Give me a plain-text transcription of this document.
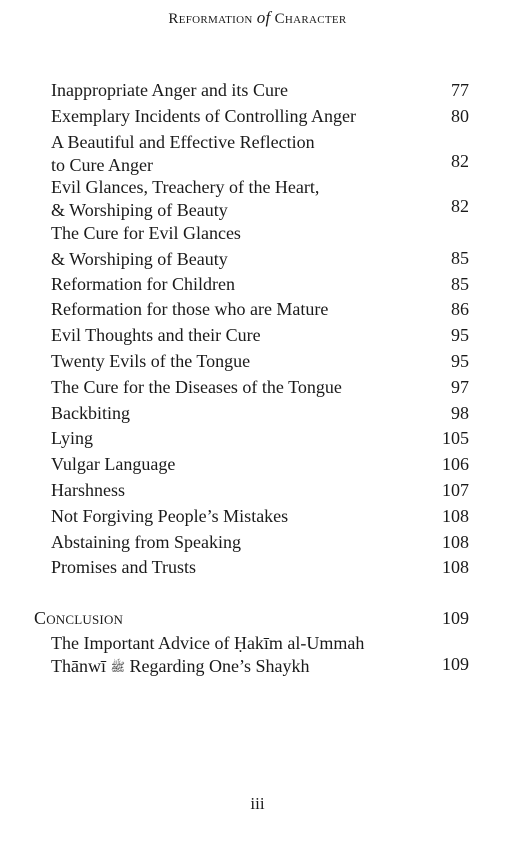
Reformation of Character
Inappropriate Anger and its Cure	77
Exemplary Incidents of Controlling Anger	80
A Beautiful and Effective Reflection
to Cure Anger	82
Evil Glances, Treachery of the Heart,
& Worshiping of Beauty	82
The Cure for Evil Glances
& Worshiping of Beauty	85
Reformation for Children	85
Reformation for those who are Mature	86
Evil Thoughts and their Cure	95
Twenty Evils of the Tongue	95
The Cure for the Diseases of the Tongue	97
Backbiting	98
Lying	105
Vulgar Language	106
Harshness	107
Not Forgiving People’s Mistakes	108
Abstaining from Speaking	108
Promises and Trusts	108
Conclusion	109
The Important Advice of Ḥakīm al-Ummah
Thānwī ﷺ Regarding One’s Shaykh	109
iii
